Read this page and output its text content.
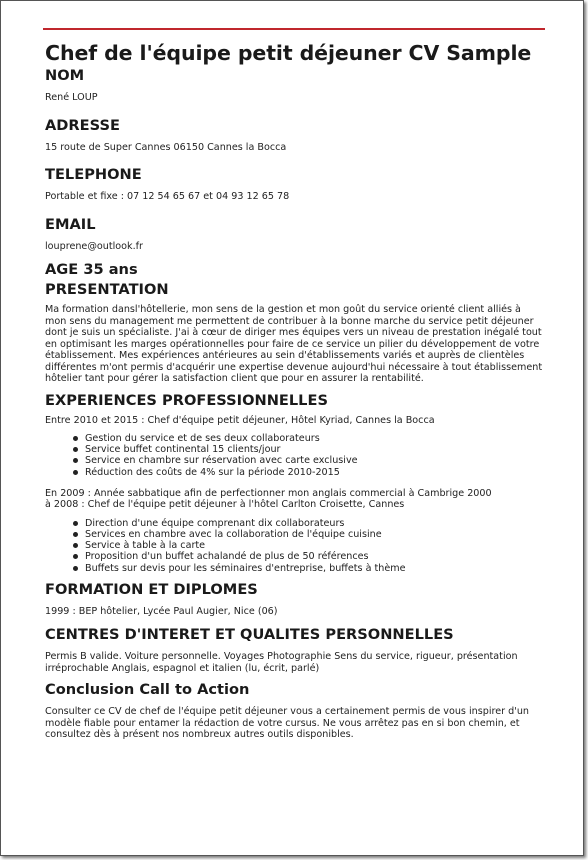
Chef de l'équipe petit déjeuner CV Sample
NOM

René LOUP

ADRESSE

15 route de Super Cannes 06150 Cannes la Bocca

TELEPHONE

Portable et fixe : 07 12 54 65 67 et 04 93 12 65 78

EMAIL

louprene@outlook.fr

AGE 35 ans
PRESENTATION

Ma formation dansl'hôtellerie, mon sens de la gestion et mon goût du service orienté client alliés à mon sens du management me permettent de contribuer à la bonne marche du service petit déjeuner dont je suis un spécialiste. J'ai à cœur de diriger mes équipes vers un niveau de prestation inégalé tout en optimisant les marges opérationnelles pour faire de ce service un pilier du développement de votre établissement. Mes expériences antérieures au sein d'établissements variés et auprès de clientèles différentes m'ont permis d'acquérir une expertise devenue aujourd'hui nécessaire à tout établissement hôtelier tant pour gérer la satisfaction client que pour en assurer la rentabilité.

EXPERIENCES PROFESSIONNELLES

Entre 2010 et 2015 : Chef d'équipe petit déjeuner, Hôtel Kyriad, Cannes la Bocca

Gestion du service et de ses deux collaborateurs
Service buffet continental 15 clients/jour
Service en chambre sur réservation avec carte exclusive
Réduction des coûts de 4% sur la période 2010-2015

En 2009 : Année sabbatique afin de perfectionner mon anglais commercial à Cambrige 2000

à 2008 : Chef de l'équipe petit déjeuner à l'hôtel Carlton Croisette, Cannes

Direction d'une équipe comprenant dix collaborateurs
Services en chambre avec la collaboration de l'équipe cuisine
Service à table à la carte
Proposition d'un buffet achalandé de plus de 50 références
Buffets sur devis pour les séminaires d'entreprise, buffets à thème
FORMATION ET DIPLOMES

1999 : BEP hôtelier, Lycée Paul Augier, Nice (06)

CENTRES D'INTERET ET QUALITES PERSONNELLES

Permis B valide. Voiture personnelle. Voyages Photographie Sens du service, rigueur, présentation irréprochable Anglais, espagnol et italien (lu, écrit, parlé)

Conclusion Call to Action

Consulter ce CV de chef de l'équipe petit déjeuner vous a certainement permis de vous inspirer d'un modèle fiable pour entamer la rédaction de votre cursus. Ne vous arrêtez pas en si bon chemin, et consultez dès à présent nos nombreux autres outils disponibles.
